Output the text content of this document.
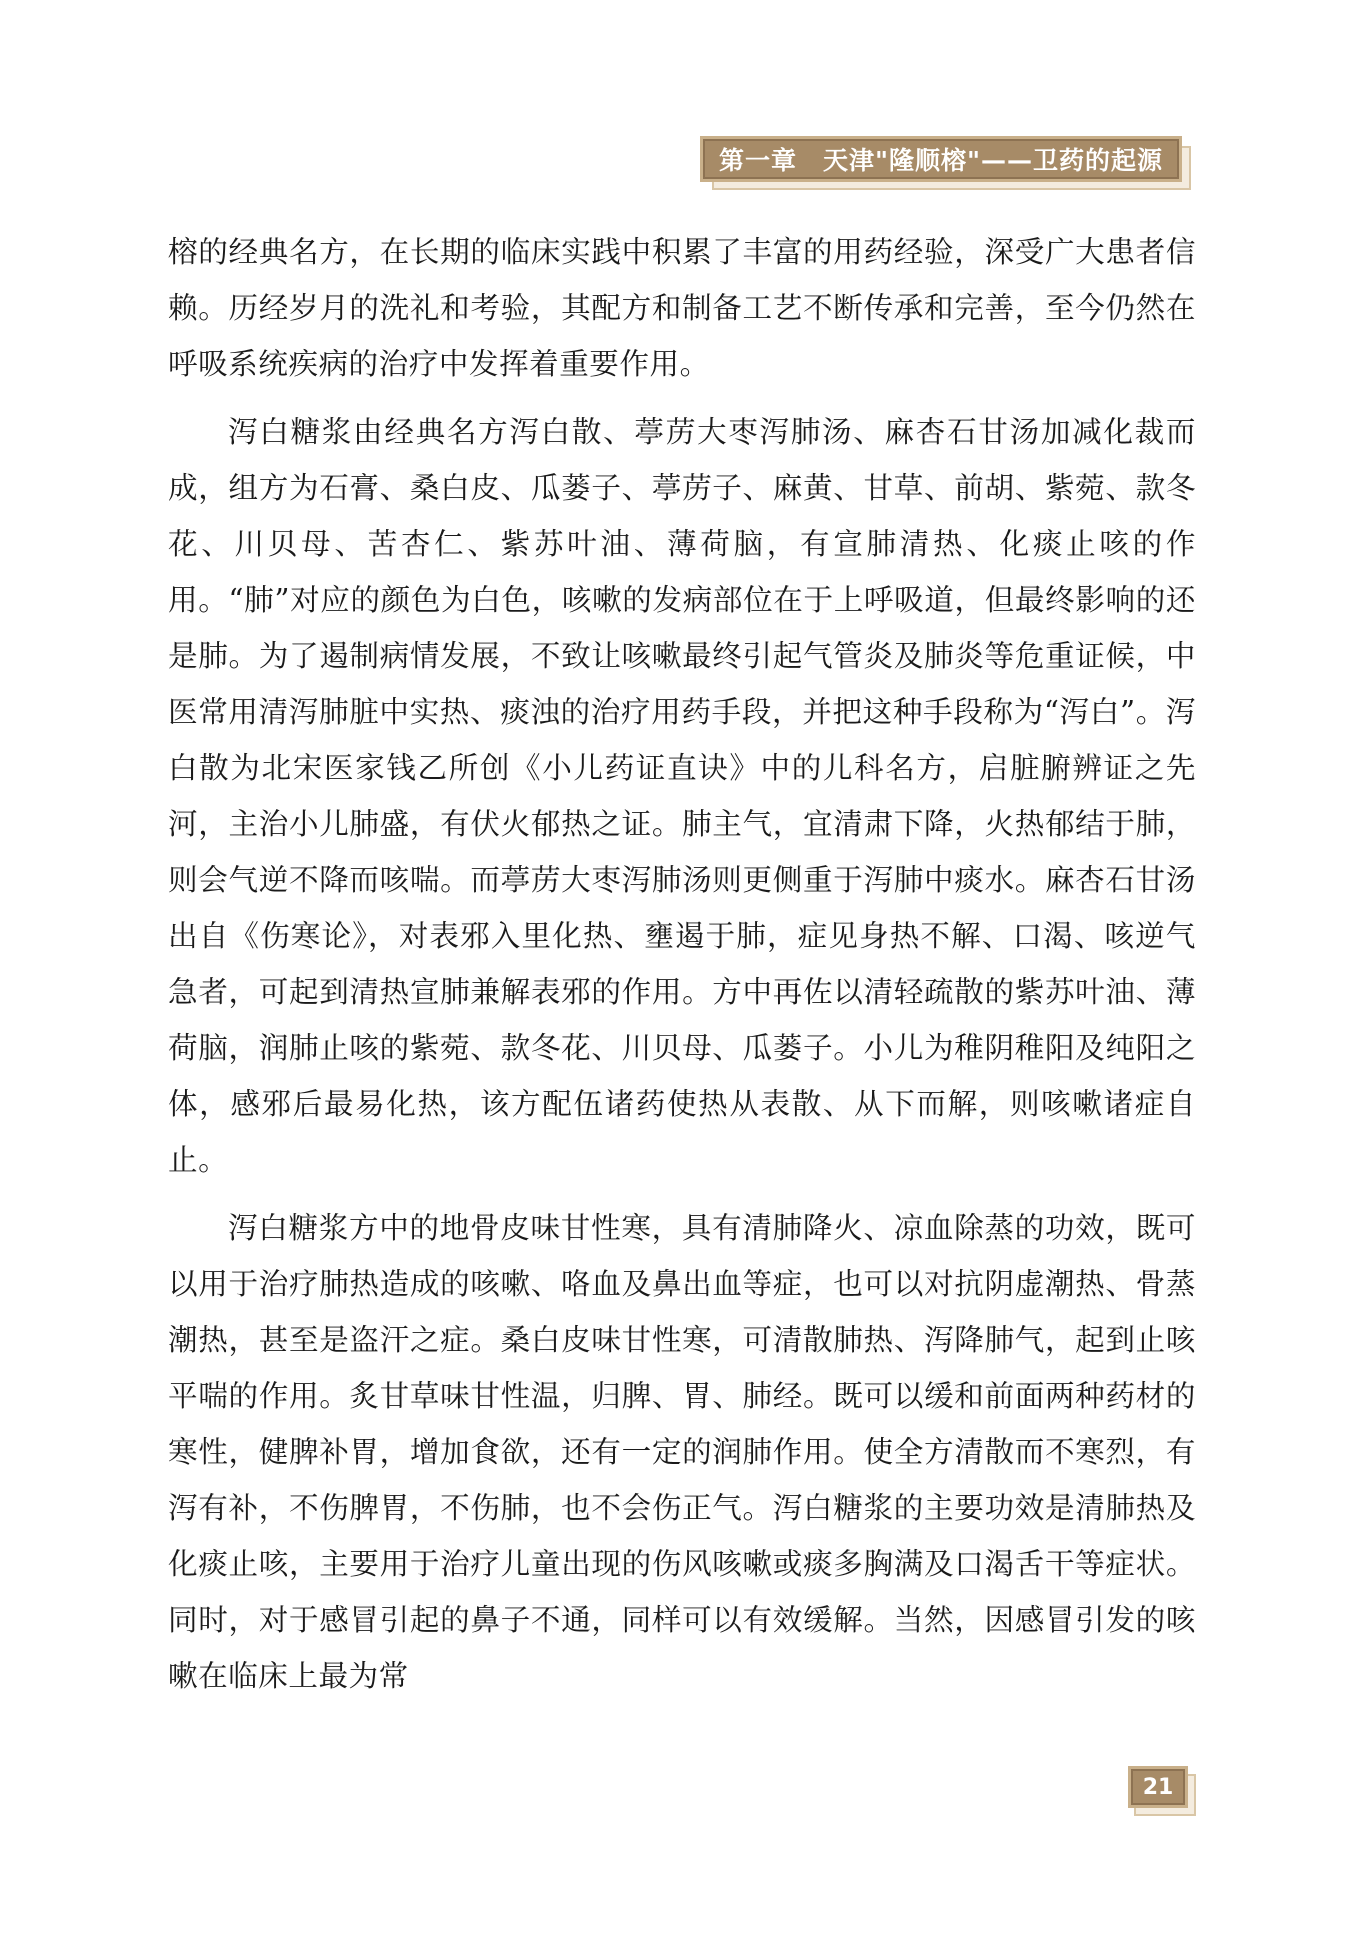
第一章　天津"隆顺榕"——卫药的起源

榕的经典名方，在长期的临床实践中积累了丰富的用药经验，深受广大患者信赖。历经岁月的洗礼和考验，其配方和制备工艺不断传承和完善，至今仍然在呼吸系统疾病的治疗中发挥着重要作用。

泻白糖浆由经典名方泻白散、葶苈大枣泻肺汤、麻杏石甘汤加减化裁而成，组方为石膏、桑白皮、瓜蒌子、葶苈子、麻黄、甘草、前胡、紫菀、款冬花、川贝母、苦杏仁、紫苏叶油、薄荷脑，有宣肺清热、化痰止咳的作用。“肺”对应的颜色为白色，咳嗽的发病部位在于上呼吸道，但最终影响的还是肺。为了遏制病情发展，不致让咳嗽最终引起气管炎及肺炎等危重证候，中医常用清泻肺脏中实热、痰浊的治疗用药手段，并把这种手段称为“泻白”。泻白散为北宋医家钱乙所创《小儿药证直诀》中的儿科名方，启脏腑辨证之先河，主治小儿肺盛，有伏火郁热之证。肺主气，宜清肃下降，火热郁结于肺，则会气逆不降而咳喘。而葶苈大枣泻肺汤则更侧重于泻肺中痰水。麻杏石甘汤出自《伤寒论》，对表邪入里化热、壅遏于肺，症见身热不解、口渴、咳逆气急者，可起到清热宣肺兼解表邪的作用。方中再佐以清轻疏散的紫苏叶油、薄荷脑，润肺止咳的紫菀、款冬花、川贝母、瓜蒌子。小儿为稚阴稚阳及纯阳之体，感邪后最易化热，该方配伍诸药使热从表散、从下而解，则咳嗽诸症自止。

泻白糖浆方中的地骨皮味甘性寒，具有清肺降火、凉血除蒸的功效，既可以用于治疗肺热造成的咳嗽、咯血及鼻出血等症，也可以对抗阴虚潮热、骨蒸潮热，甚至是盗汗之症。桑白皮味甘性寒，可清散肺热、泻降肺气，起到止咳平喘的作用。炙甘草味甘性温，归脾、胃、肺经。既可以缓和前面两种药材的寒性，健脾补胃，增加食欲，还有一定的润肺作用。使全方清散而不寒烈，有泻有补，不伤脾胃，不伤肺，也不会伤正气。泻白糖浆的主要功效是清肺热及化痰止咳，主要用于治疗儿童出现的伤风咳嗽或痰多胸满及口渴舌干等症状。同时，对于感冒引起的鼻子不通，同样可以有效缓解。当然，因感冒引发的咳嗽在临床上最为常

21
